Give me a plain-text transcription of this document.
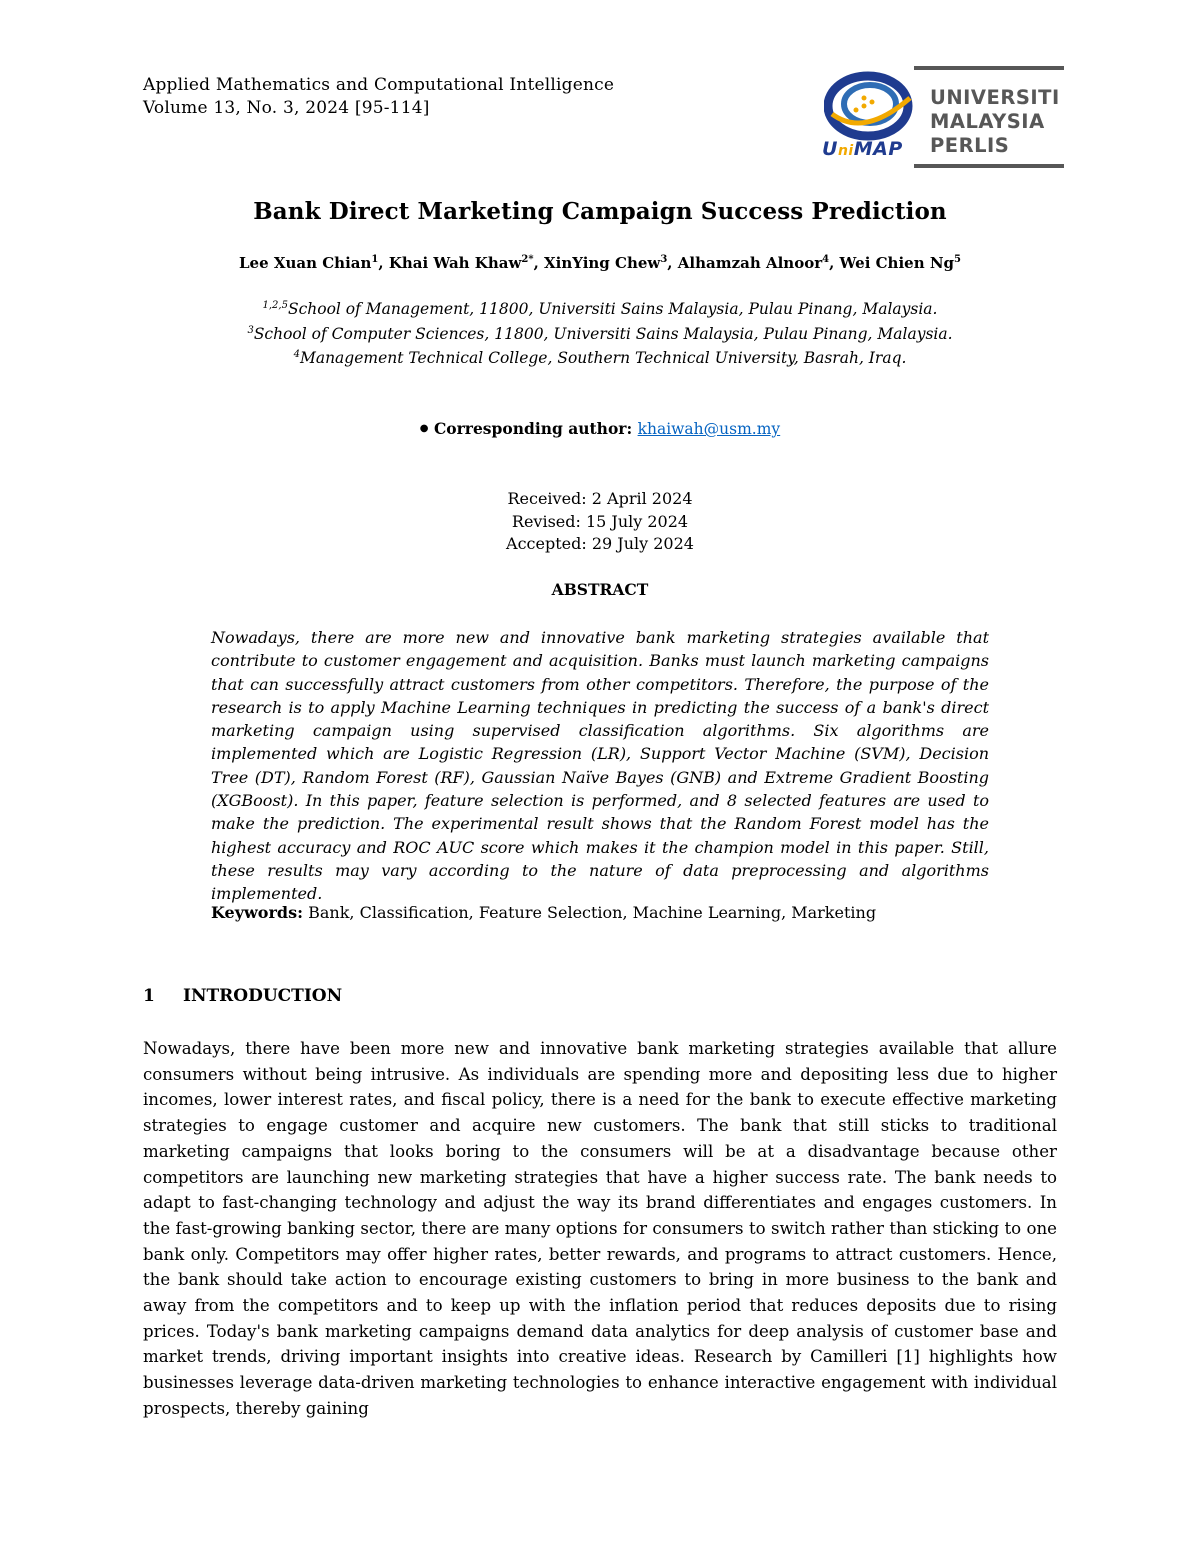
Applied Mathematics and Computational Intelligence
Volume 13, No. 3, 2024 [95-114]	UNIVERSITI
MALAYSIA
PERLIS
UniMAP
Bank Direct Marketing Campaign Success Prediction
Lee Xuan Chian$^1$, Khai Wah Khaw$^{2*}$, XinYing Chew$^3$, Alhamzah Alnoor$^4$, Wei Chien Ng$^5$
$^{1,2,5}$School of Management, 11800, Universiti Sains Malaysia, Pulau Pinang, Malaysia.
$^3$School of Computer Sciences, 11800, Universiti Sains Malaysia, Pulau Pinang, Malaysia.
$^4$Management Technical College, Southern Technical University, Basrah, Iraq.
● Corresponding author: khaiwah@usm.my
Received: 2 April 2024
Revised: 15 July 2024
Accepted: 29 July 2024
ABSTRACT
Nowadays, there are more new and innovative bank marketing strategies available that contribute to customer engagement and acquisition. Banks must launch marketing campaigns that can successfully attract customers from other competitors. Therefore, the purpose of the research is to apply Machine Learning techniques in predicting the success of a bank's direct marketing campaign using supervised classification algorithms. Six algorithms are implemented which are Logistic Regression (LR), Support Vector Machine (SVM), Decision Tree (DT), Random Forest (RF), Gaussian Naïve Bayes (GNB) and Extreme Gradient Boosting (XGBoost). In this paper, feature selection is performed, and 8 selected features are used to make the prediction. The experimental result shows that the Random Forest model has the highest accuracy and ROC AUC score which makes it the champion model in this paper. Still, these results may vary according to the nature of data preprocessing and algorithms implemented.
Keywords: Bank, Classification, Feature Selection, Machine Learning, Marketing
1 INTRODUCTION
Nowadays, there have been more new and innovative bank marketing strategies available that allure consumers without being intrusive. As individuals are spending more and depositing less due to higher incomes, lower interest rates, and fiscal policy, there is a need for the bank to execute effective marketing strategies to engage customer and acquire new customers. The bank that still sticks to traditional marketing campaigns that looks boring to the consumers will be at a disadvantage because other competitors are launching new marketing strategies that have a higher success rate. The bank needs to adapt to fast-changing technology and adjust the way its brand differentiates and engages customers. In the fast-growing banking sector, there are many options for consumers to switch rather than sticking to one bank only. Competitors may offer higher rates, better rewards, and programs to attract customers. Hence, the bank should take action to encourage existing customers to bring in more business to the bank and away from the competitors and to keep up with the inflation period that reduces deposits due to rising prices. Today's bank marketing campaigns demand data analytics for deep analysis of customer base and market trends, driving important insights into creative ideas. Research by Camilleri [1] highlights how businesses leverage data-driven marketing technologies to enhance interactive engagement with individual prospects, thereby gaining
